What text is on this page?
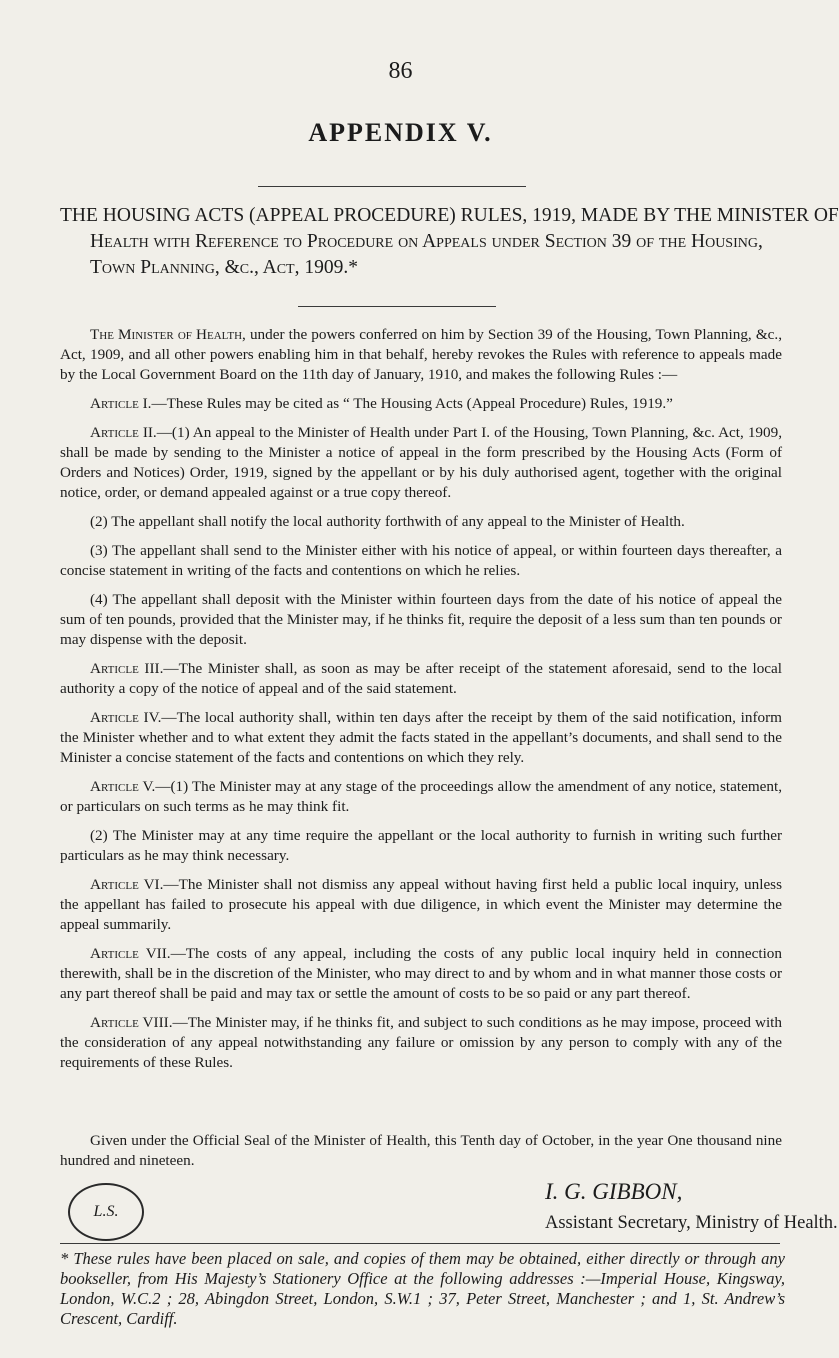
86
APPENDIX V.
THE HOUSING ACTS (APPEAL PROCEDURE) RULES, 1919, MADE BY THE MINISTER OF
Health with Reference to Procedure on Appeals under Section 39 of the Housing,
Town Planning, &c., Act, 1909.*

The Minister of Health, under the powers conferred on him by Section 39 of the Housing, Town Planning, &c., Act, 1909, and all other powers enabling him in that behalf, hereby revokes the Rules with reference to appeals made by the Local Government Board on the 11th day of January, 1910, and makes the following Rules :—

Article I.—These Rules may be cited as “ The Housing Acts (Appeal Procedure) Rules, 1919.”

Article II.—(1) An appeal to the Minister of Health under Part I. of the Housing, Town Planning, &c. Act, 1909, shall be made by sending to the Minister a notice of appeal in the form prescribed by the Housing Acts (Form of Orders and Notices) Order, 1919, signed by the appellant or by his duly authorised agent, together with the original notice, order, or demand appealed against or a true copy thereof.

(2) The appellant shall notify the local authority forthwith of any appeal to the Minister of Health.

(3) The appellant shall send to the Minister either with his notice of appeal, or within fourteen days thereafter, a concise statement in writing of the facts and contentions on which he relies.

(4) The appellant shall deposit with the Minister within fourteen days from the date of his notice of appeal the sum of ten pounds, provided that the Minister may, if he thinks fit, require the deposit of a less sum than ten pounds or may dispense with the deposit.

Article III.—The Minister shall, as soon as may be after receipt of the statement aforesaid, send to the local authority a copy of the notice of appeal and of the said statement.

Article IV.—The local authority shall, within ten days after the receipt by them of the said notification, inform the Minister whether and to what extent they admit the facts stated in the appellant’s documents, and shall send to the Minister a concise statement of the facts and contentions on which they rely.

Article V.—(1) The Minister may at any stage of the proceedings allow the amendment of any notice, statement, or particulars on such terms as he may think fit.

(2) The Minister may at any time require the appellant or the local authority to furnish in writing such further particulars as he may think necessary.

Article VI.—The Minister shall not dismiss any appeal without having first held a public local inquiry, unless the appellant has failed to prosecute his appeal with due diligence, in which event the Minister may determine the appeal summarily.

Article VII.—The costs of any appeal, including the costs of any public local inquiry held in connection therewith, shall be in the discretion of the Minister, who may direct to and by whom and in what manner those costs or any part thereof shall be paid and may tax or settle the amount of costs to be so paid or any part thereof.

Article VIII.—The Minister may, if he thinks fit, and subject to such conditions as he may impose, proceed with the consideration of any appeal notwithstanding any failure or omission by any person to comply with any of the requirements of these Rules.

Given under the Official Seal of the Minister of Health, this Tenth day of October, in the year One thousand nine hundred and nineteen.

L.S.
I. G. GIBBON,
Assistant Secretary, Ministry of Health.

* These rules have been placed on sale, and copies of them may be obtained, either directly or through any bookseller, from His Majesty’s Stationery Office at the following addresses :—Imperial House, Kingsway, London, W.C.2 ; 28, Abingdon Street, London, S.W.1 ; 37, Peter Street, Manchester ; and 1, St. Andrew’s Crescent, Cardiff.
